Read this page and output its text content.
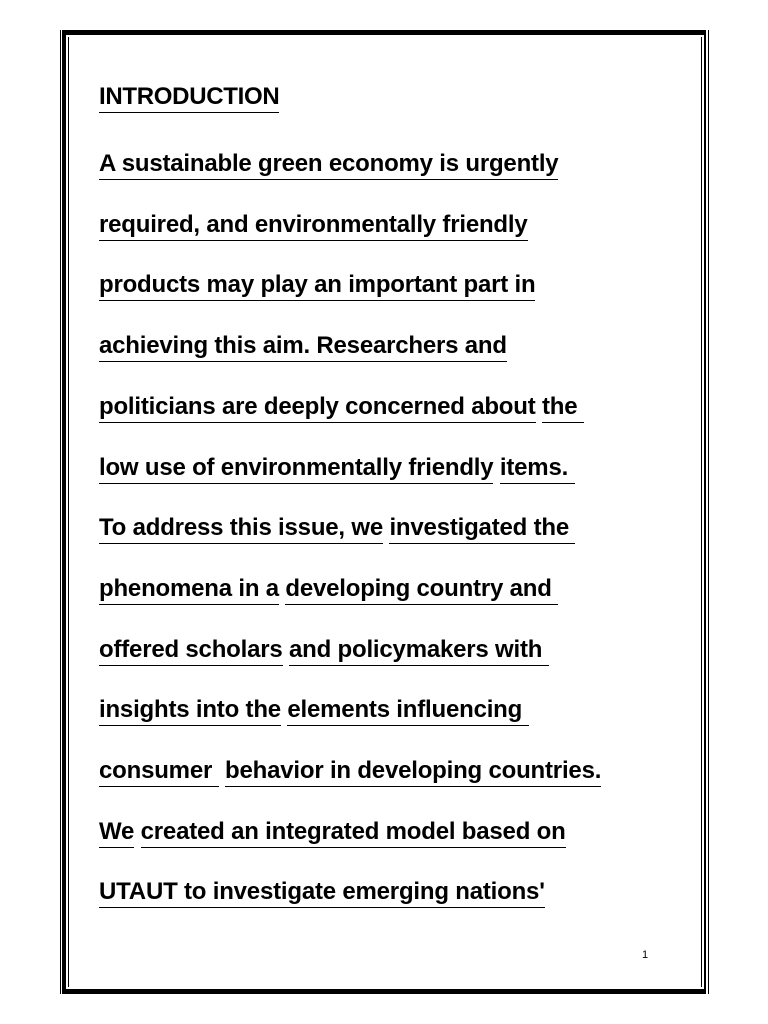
INTRODUCTION
A sustainable green economy is urgently
required, and environmentally friendly
products may play an important part in
achieving this aim. Researchers and
politicians are deeply concerned about the
low use of environmentally friendly items.
To address this issue, we investigated the
phenomena in a developing country and
offered scholars and policymakers with
insights into the elements influencing
consumer  behavior in developing countries.
We created an integrated model based on
UTAUT to investigate emerging nations'
1
